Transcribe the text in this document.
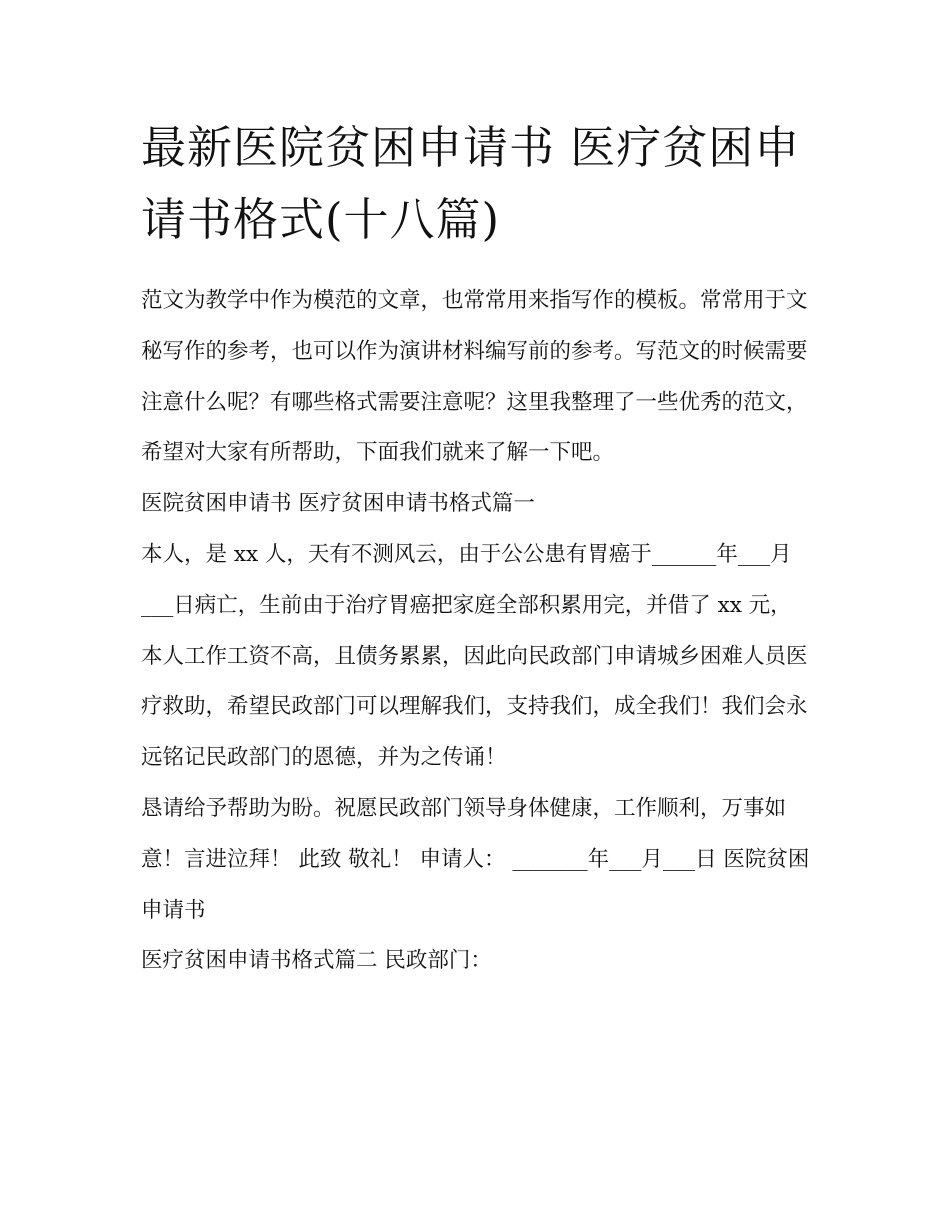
最新医院贫困申请书 医疗贫困申请书格式(十八篇)

范文为教学中作为模范的文章，也常常用来指写作的模板。常常用于文秘写作的参考，也可以作为演讲材料编写前的参考。写范文的时候需要注意什么呢？有哪些格式需要注意呢？这里我整理了一些优秀的范文，希望对大家有所帮助，下面我们就来了解一下吧。

医院贫困申请书 医疗贫困申请书格式篇一

本人，是 xx 人，天有不测风云，由于公公患有胃癌于______年___月___日病亡，生前由于治疗胃癌把家庭全部积累用完，并借了 xx 元，本人工作工资不高，且债务累累，因此向民政部门申请城乡困难人员医疗救助，希望民政部门可以理解我们，支持我们，成全我们！我们会永远铭记民政部门的恩德，并为之传诵！

恳请给予帮助为盼。祝愿民政部门领导身体健康，工作顺利，万事如意！言进泣拜！ 此致 敬礼！ 申请人： _______年___月___日 医院贫困申请书

医疗贫困申请书格式篇二 民政部门：
